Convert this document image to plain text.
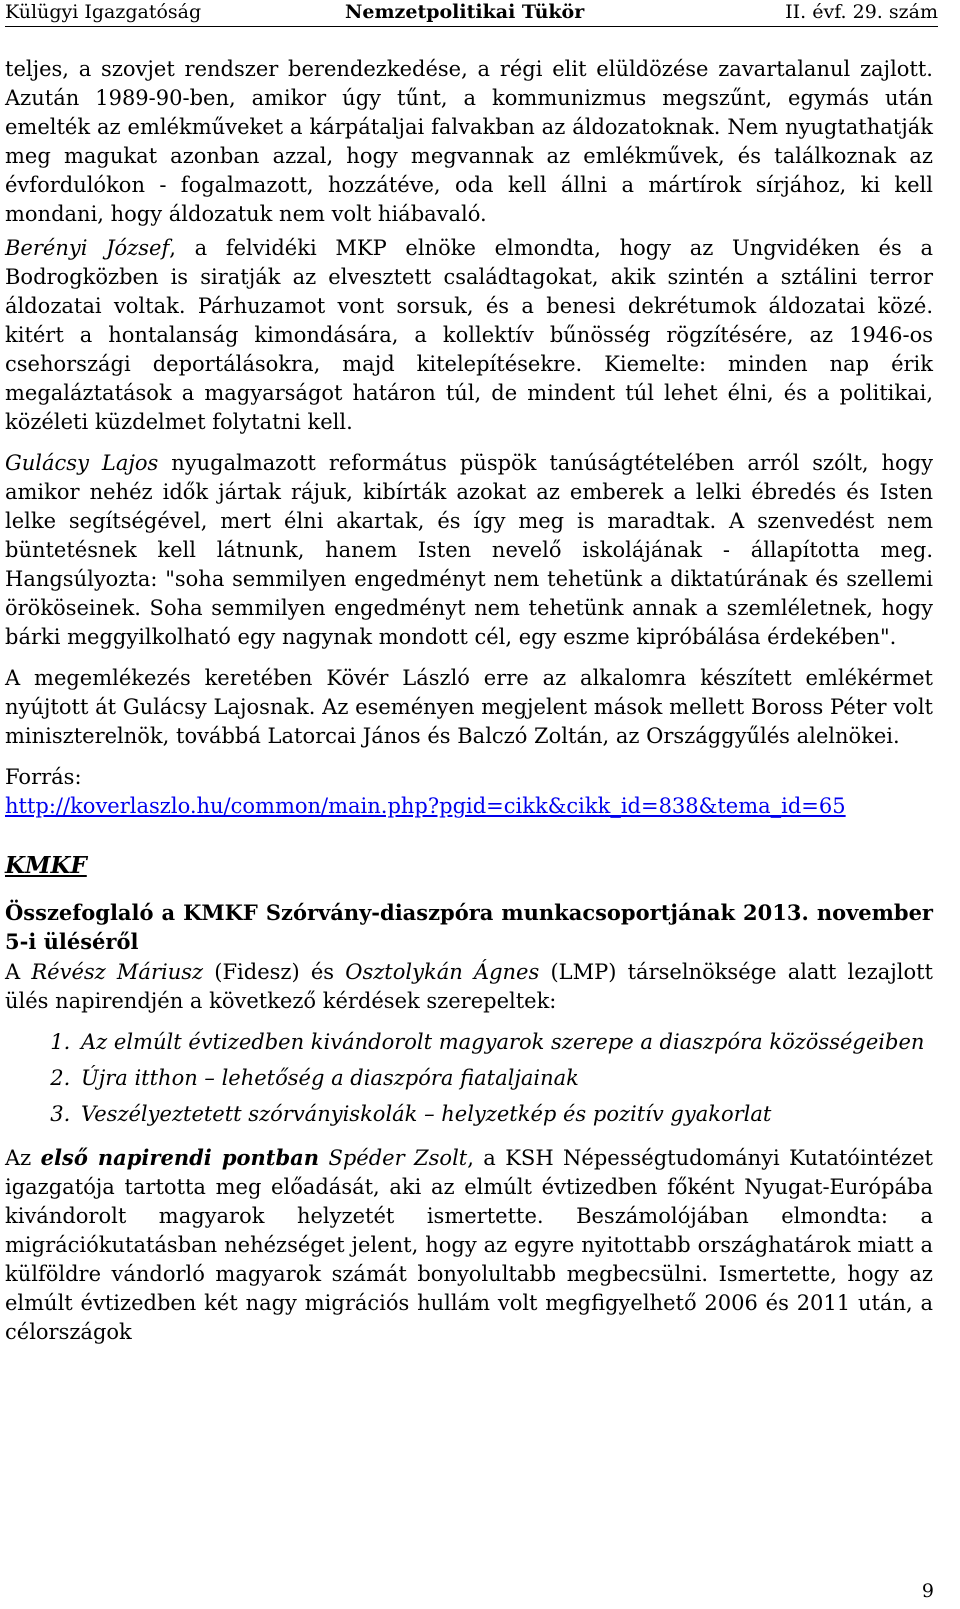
Külügyi Igazgatóság	Nemzetpolitikai Tükör	II. évf. 29. szám

teljes, a szovjet rendszer berendezkedése, a régi elit elüldözése zavartalanul zajlott. Azután 1989-90-ben, amikor úgy tűnt, a kommunizmus megszűnt, egymás után emelték az emlékműveket a kárpátaljai falvakban az áldozatoknak. Nem nyugtathatják meg magukat azonban azzal, hogy megvannak az emlékművek, és találkoznak az évfordulókon - fogalmazott, hozzátéve, oda kell állni a mártírok sírjához, ki kell mondani, hogy áldozatuk nem volt hiábavaló.

Berényi József, a felvidéki MKP elnöke elmondta, hogy az Ungvidéken és a Bodrogközben is siratják az elvesztett családtagokat, akik szintén a sztálini terror áldozatai voltak. Párhuzamot vont sorsuk, és a benesi dekrétumok áldozatai közé. kitért a hontalanság kimondására, a kollektív bűnösség rögzítésére, az 1946-os csehországi deportálásokra, majd kitelepítésekre. Kiemelte: minden nap érik megaláztatások a magyarságot határon túl, de mindent túl lehet élni, és a politikai, közéleti küzdelmet folytatni kell.

Gulácsy Lajos nyugalmazott református püspök tanúságtételében arról szólt, hogy amikor nehéz idők jártak rájuk, kibírták azokat az emberek a lelki ébredés és Isten lelke segítségével, mert élni akartak, és így meg is maradtak. A szenvedést nem büntetésnek kell látnunk, hanem Isten nevelő iskolájának - állapította meg. Hangsúlyozta: "soha semmilyen engedményt nem tehetünk a diktatúrának és szellemi örököseinek. Soha semmilyen engedményt nem tehetünk annak a szemléletnek, hogy bárki meggyilkolható egy nagynak mondott cél, egy eszme kipróbálása érdekében".

A megemlékezés keretében Kövér László erre az alkalomra készített emlékérmet nyújtott át Gulácsy Lajosnak. Az eseményen megjelent mások mellett Boross Péter volt miniszterelnök, továbbá Latorcai János és Balczó Zoltán, az Országgyűlés alelnökei.

Forrás:
http://koverlaszlo.hu/common/main.php?pgid=cikk&cikk_id=838&tema_id=65

KMKF
Összefoglaló a KMKF Szórvány-diaszpóra munkacsoportjának 2013. november 5-i üléséről

A Révész Máriusz (Fidesz) és Osztolykán Ágnes (LMP) társelnöksége alatt lezajlott ülés napirendjén a következő kérdések szerepeltek:

1. Az elmúlt évtizedben kivándorolt magyarok szerepe a diaszpóra közösségeiben
2. Újra itthon – lehetőség a diaszpóra fiataljainak
3. Veszélyeztetett szórványiskolák – helyzetkép és pozitív gyakorlat

Az első napirendi pontban Spéder Zsolt, a KSH Népességtudományi Kutatóintézet igazgatója tartotta meg előadását, aki az elmúlt évtizedben főként Nyugat-Európába kivándorolt magyarok helyzetét ismertette. Beszámolójában elmondta: a migrációkutatásban nehézséget jelent, hogy az egyre nyitottabb országhatárok miatt a külföldre vándorló magyarok számát bonyolultabb megbecsülni. Ismertette, hogy az elmúlt évtizedben két nagy migrációs hullám volt megfigyelhető 2006 és 2011 után, a célországok

9
